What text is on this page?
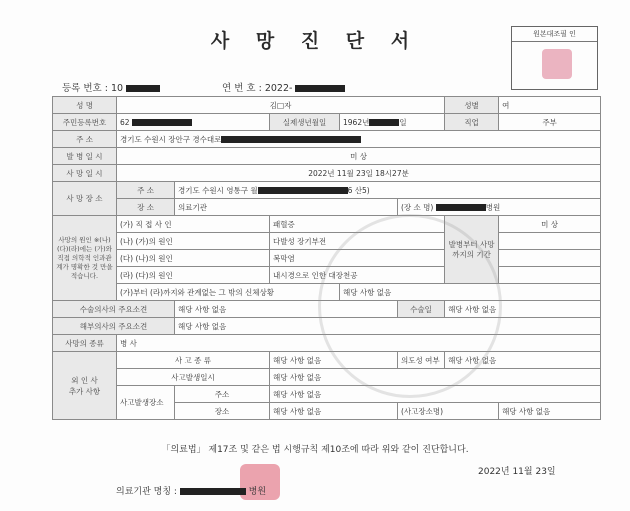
사 망 진 단 서	원본대조필 인
등록 번호 : 10	연 번 호 : 2022-
성 명	김□자					성별	여
주민등록번호	62		실제생년월일	1962년 일		직업	주부
주 소	경기도 수원시 장안구 경수대로						
발 병 일 시	미 상						
사 망 일 시	2022년 11월 23일 18시27분						
사 망 장 소	주 소	경기도 수원시 영통구 월 6 산5)					
	장 소	의료기관			(장 소 명) 병원		
사망의 원인 ※(나)(다)(라)에는 (가)와 직접 의학적 인과관계가 명확한 것 만을 적습니다.	(가) 직 접 사 인		패혈증			발병부터 사망까지의 기간	미 상
	(나) (가)의 원인		다발성 장기부전				
	(다) (나)의 원인		복막염				
	(라) (다)의 원인		내시경으로 인한 대장천공				
	(가)부터 (라)까지와 관계없는 그 밖의 신체상황			해당 사항 없음			
수술의사의 주요소견		해당 사항 없음			수술일	해당 사항 없음	
해부의사의 주요소견		해당 사항 없음					
사망의 종류	병 사						
외 인 사
추가 사항	사 고 종 류		해당 사항 없음		의도성 여부	해당 사항 없음	
	사고발생일시		해당 사항 없음				
	사고발생장소	주소	해당 사항 없음				
		장소	해당 사항 없음		(사고장소명)		해당 사항 없음
「의료법」 제17조 및 같은 법 시행규칙 제10조에 따라 위와 같이 진단합니다.
2022년 11월 23일
의료기관 명칭 :	병원
